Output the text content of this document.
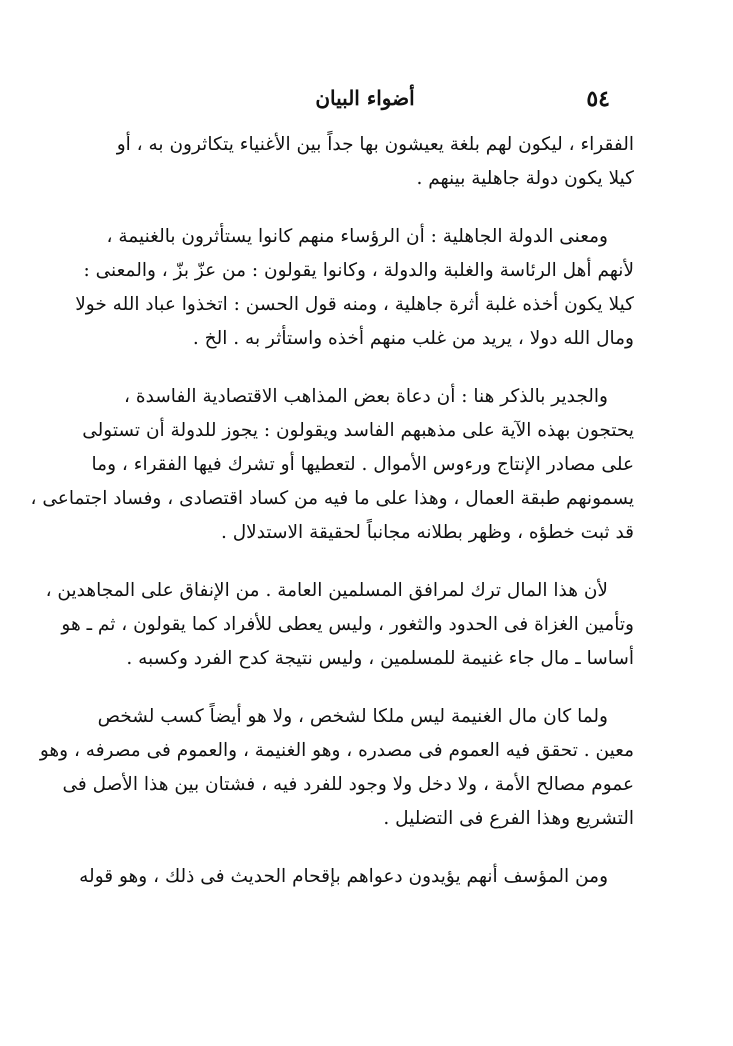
٥٤
أضواء البيان
الفقراء ، ليكون لهم بلغة يعيشون بها جداً بين الأغنياء يتكاثرون به ، أو
كيلا يكون دولة جاهلية بينهم .
ومعنى الدولة الجاهلية : أن الرؤساء منهم كانوا يستأثرون بالغنيمة ،
لأنهم أهل الرئاسة والغلبة والدولة ، وكانوا يقولون : من عزّ بزّ ، والمعنى :
كيلا يكون أخذه غلبة أثرة جاهلية ، ومنه قول الحسن : اتخذوا عباد الله خولا
ومال الله دولا ، يريد من غلب منهم أخذه واستأثر به . الخ .
والجدير بالذكر هنا : أن دعاة بعض المذاهب الاقتصادية الفاسدة ،
يحتجون بهذه الآية على مذهبهم الفاسد ويقولون : يجوز للدولة أن تستولى
على مصادر الإنتاج ورءوس الأموال . لتعطيها أو تشرك فيها الفقراء ، وما
يسمونهم طبقة العمال ، وهذا على ما فيه من كساد اقتصادى ، وفساد اجتماعى ،
قد ثبت خطؤه ، وظهر بطلانه مجانباً لحقيقة الاستدلال .
لأن هذا المال ترك لمرافق المسلمين العامة . من الإنفاق على المجاهدين ،
وتأمين الغزاة فى الحدود والثغور ، وليس يعطى للأفراد كما يقولون ، ثم ـ هو
أساسا ـ مال جاء غنيمة للمسلمين ، وليس نتيجة كدح الفرد وكسبه .
ولما كان مال الغنيمة ليس ملكا لشخص ، ولا هو أيضاً كسب لشخص
معين . تحقق فيه العموم فى مصدره ، وهو الغنيمة ، والعموم فى مصرفه ، وهو
عموم مصالح الأمة ، ولا دخل ولا وجود للفرد فيه ، فشتان بين هذا الأصل فى
التشريع وهذا الفرع فى التضليل .
ومن المؤسف أنهم يؤيدون دعواهم بإقحام الحديث فى ذلك ، وهو قوله
